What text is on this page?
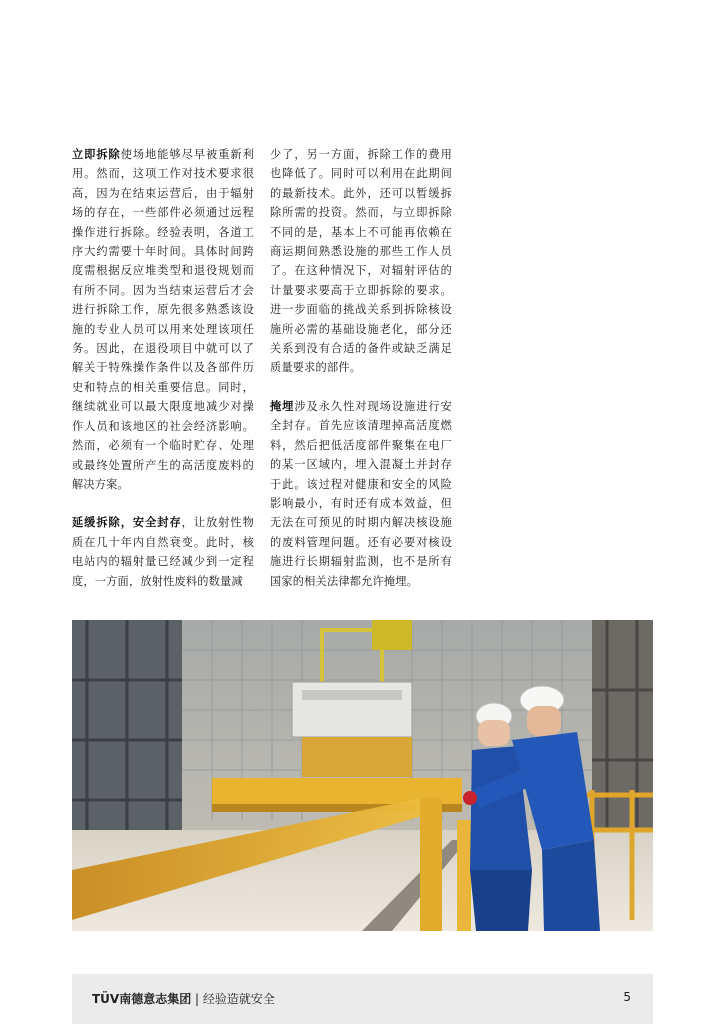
立即拆除使场地能够尽早被重新利用。然而，这项工作对技术要求很高，因为在结束运营后，由于辐射场的存在，一些部件必须通过远程操作进行拆除。经验表明，各道工序大约需要十年时间。具体时间跨度需根据反应堆类型和退役规划而有所不同。因为当结束运营后才会进行拆除工作，原先很多熟悉该设施的专业人员可以用来处理该项任务。因此，在退役项目中就可以了解关于特殊操作条件以及各部件历史和特点的相关重要信息。同时，继续就业可以最大限度地减少对操作人员和该地区的社会经济影响。然而，必须有一个临时贮存、处理或最终处置所产生的高活度废料的解决方案。

延缓拆除，安全封存，让放射性物质在几十年内自然衰变。此时，核电站内的辐射量已经减少到一定程度，一方面，放射性废料的数量减

少了，另一方面，拆除工作的费用也降低了。同时可以利用在此期间的最新技术。此外，还可以暂缓拆除所需的投资。然而，与立即拆除不同的是，基本上不可能再依赖在商运期间熟悉设施的那些工作人员了。在这种情况下，对辐射评估的计量要求要高于立即拆除的要求。进一步面临的挑战关系到拆除核设施所必需的基础设施老化，部分还关系到没有合适的备件或缺乏满足质量要求的部件。

掩埋涉及永久性对现场设施进行安全封存。首先应该清理掉高活度燃料，然后把低活度部件聚集在电厂的某一区域内，埋入混凝土并封存于此。该过程对健康和安全的风险影响最小，有时还有成本效益，但无法在可预见的时期内解决核设施的废料管理问题。还有必要对核设施进行长期辐射监测，也不是所有国家的相关法律都允许掩埋。

TÜV南德意志集团 | 经验造就安全	5
